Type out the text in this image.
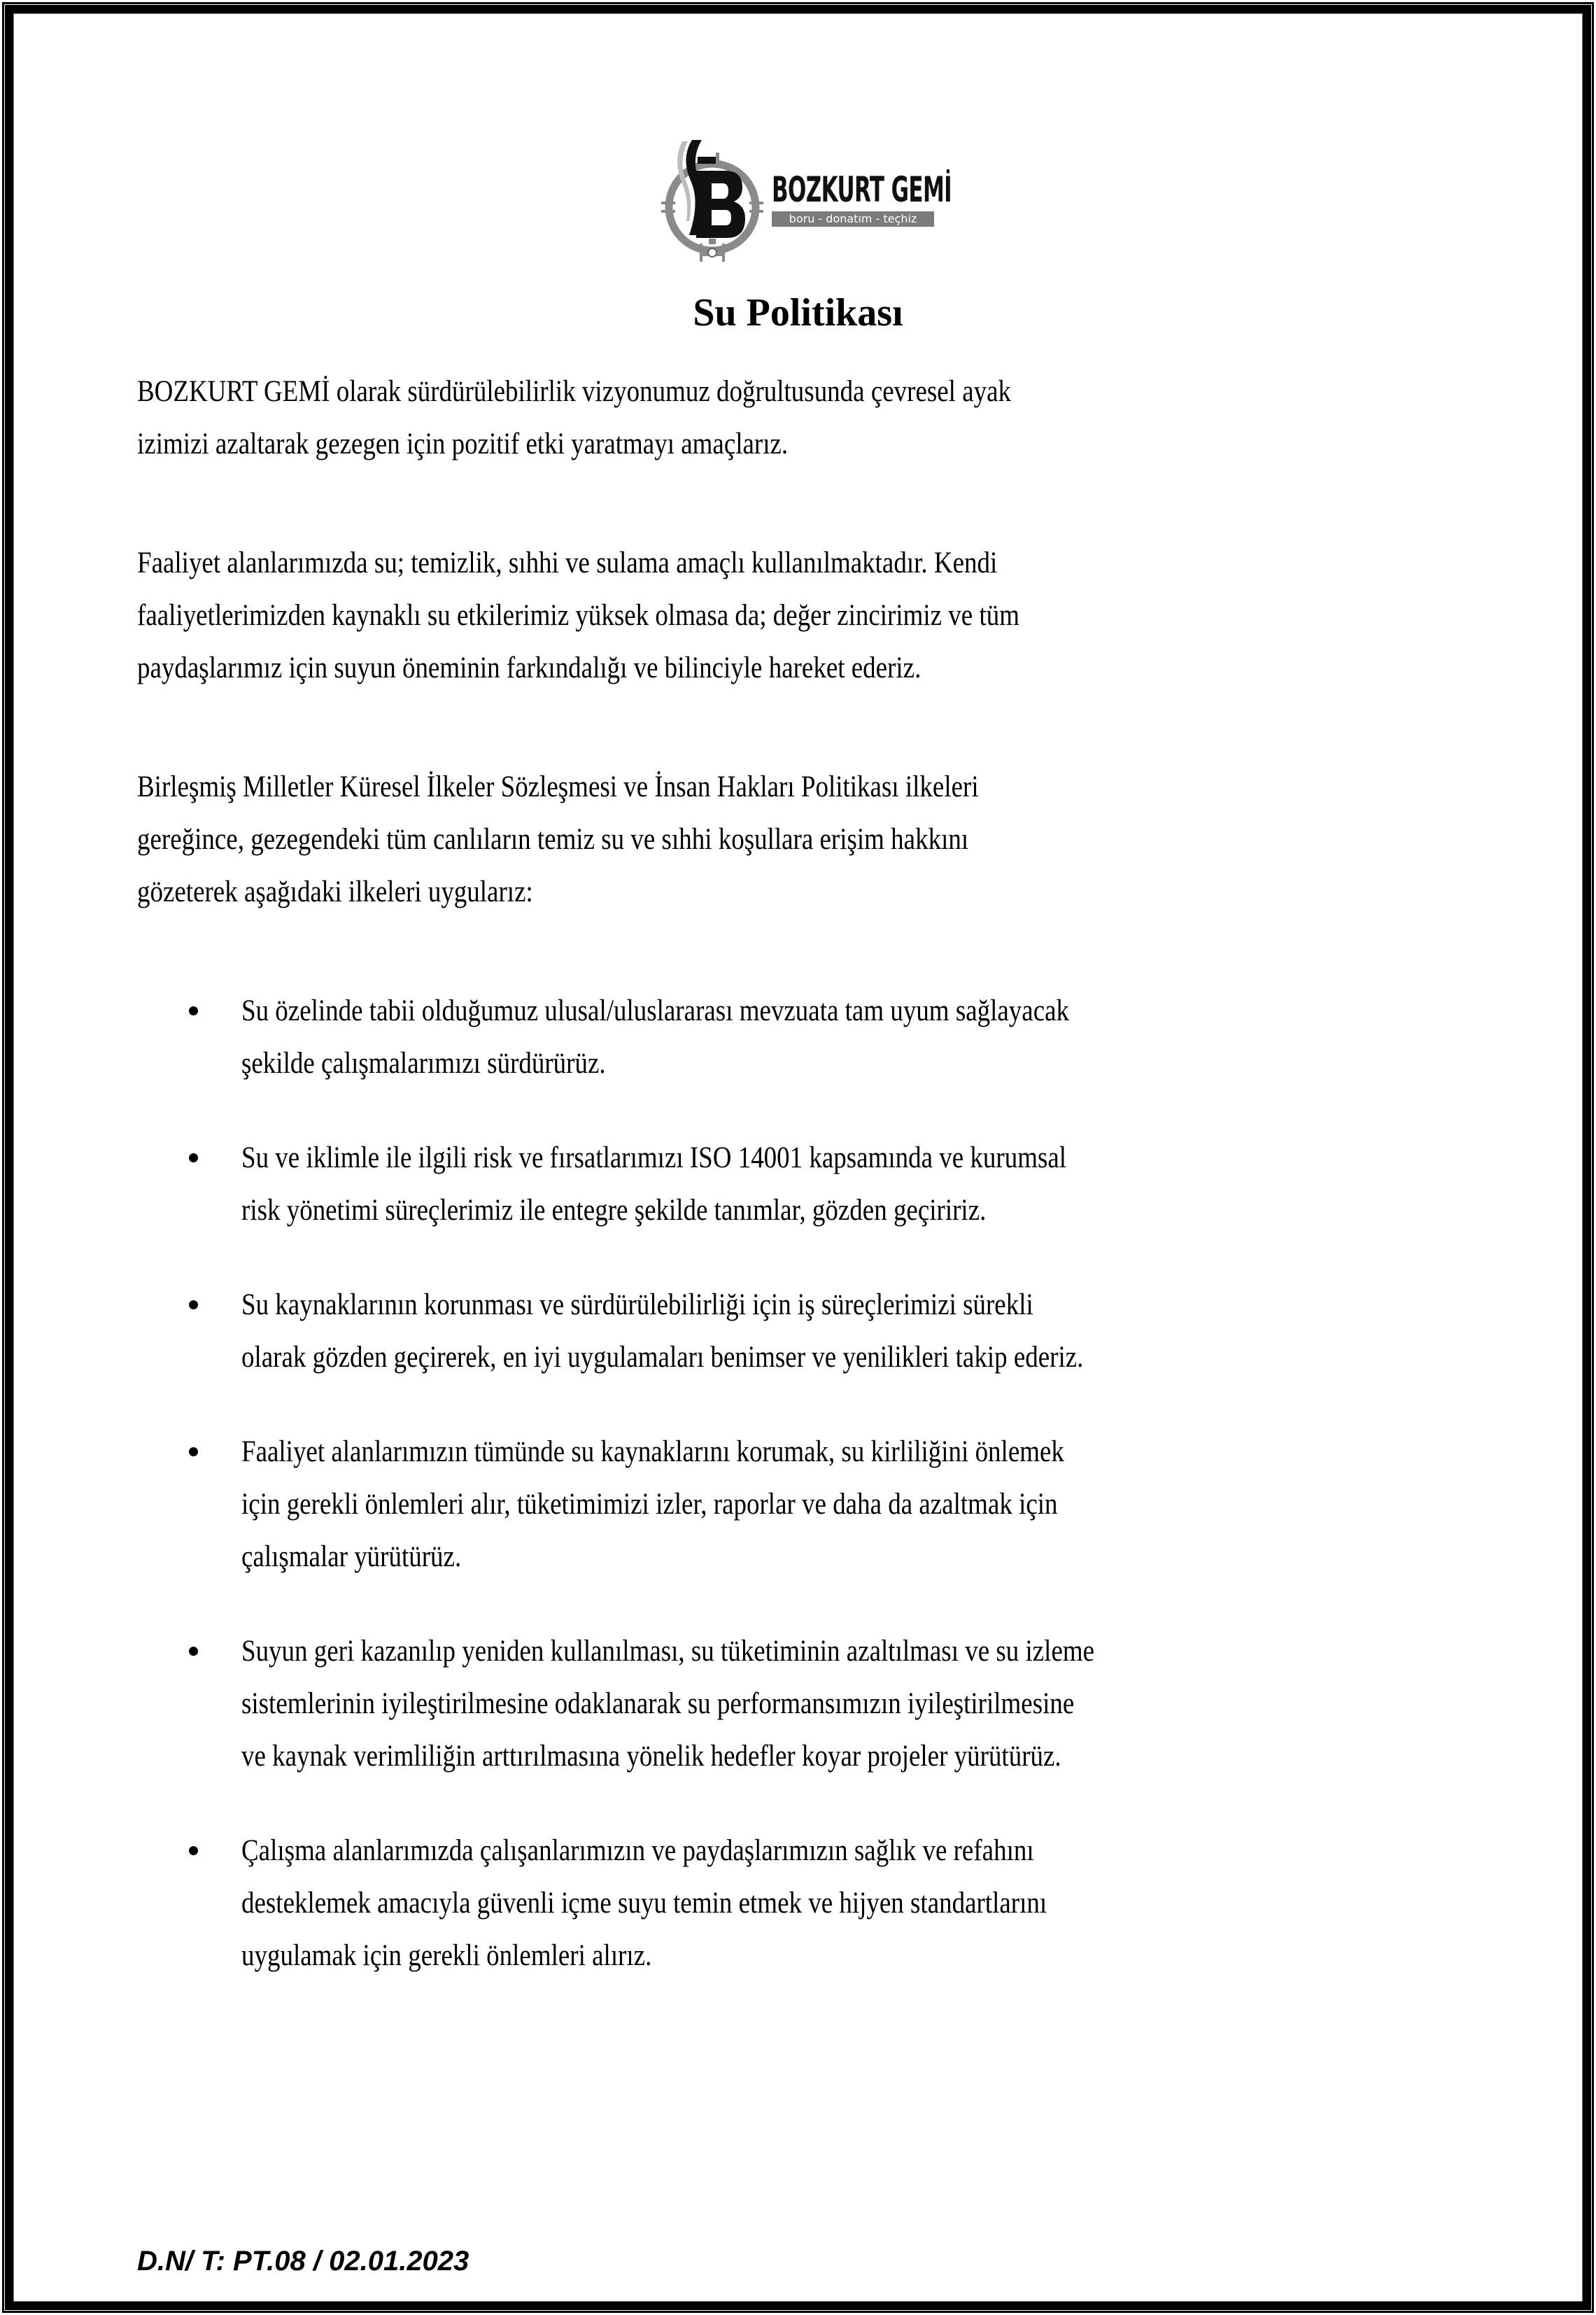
BOZKURT GEMİ
boru - donatım - teçhiz
Su Politikası
BOZKURT GEMİ olarak sürdürülebilirlik vizyonumuz doğrultusunda çevresel ayak
izimizi azaltarak gezegen için pozitif etki yaratmayı amaçlarız.
Faaliyet alanlarımızda su; temizlik, sıhhi ve sulama amaçlı kullanılmaktadır. Kendi
faaliyetlerimizden kaynaklı su etkilerimiz yüksek olmasa da; değer zincirimiz ve tüm
paydaşlarımız için suyun öneminin farkındalığı ve bilinciyle hareket ederiz.
Birleşmiş Milletler Küresel İlkeler Sözleşmesi ve İnsan Hakları Politikası ilkeleri
gereğince, gezegendeki tüm canlıların temiz su ve sıhhi koşullara erişim hakkını
gözeterek aşağıdaki ilkeleri uygularız:
Su özelinde tabii olduğumuz ulusal/uluslararası mevzuata tam uyum sağlayacak
şekilde çalışmalarımızı sürdürürüz.
Su ve iklimle ile ilgili risk ve fırsatlarımızı ISO 14001 kapsamında ve kurumsal
risk yönetimi süreçlerimiz ile entegre şekilde tanımlar, gözden geçiririz.
Su kaynaklarının korunması ve sürdürülebilirliği için iş süreçlerimizi sürekli
olarak gözden geçirerek, en iyi uygulamaları benimser ve yenilikleri takip ederiz.
Faaliyet alanlarımızın tümünde su kaynaklarını korumak, su kirliliğini önlemek
için gerekli önlemleri alır, tüketimimizi izler, raporlar ve daha da azaltmak için
çalışmalar yürütürüz.
Suyun geri kazanılıp yeniden kullanılması, su tüketiminin azaltılması ve su izleme
sistemlerinin iyileştirilmesine odaklanarak su performansımızın iyileştirilmesine
ve kaynak verimliliğin arttırılmasına yönelik hedefler koyar projeler yürütürüz.
Çalışma alanlarımızda çalışanlarımızın ve paydaşlarımızın sağlık ve refahını
desteklemek amacıyla güvenli içme suyu temin etmek ve hijyen standartlarını
uygulamak için gerekli önlemleri alırız.
D.N/ T: PT.08 / 02.01.2023
